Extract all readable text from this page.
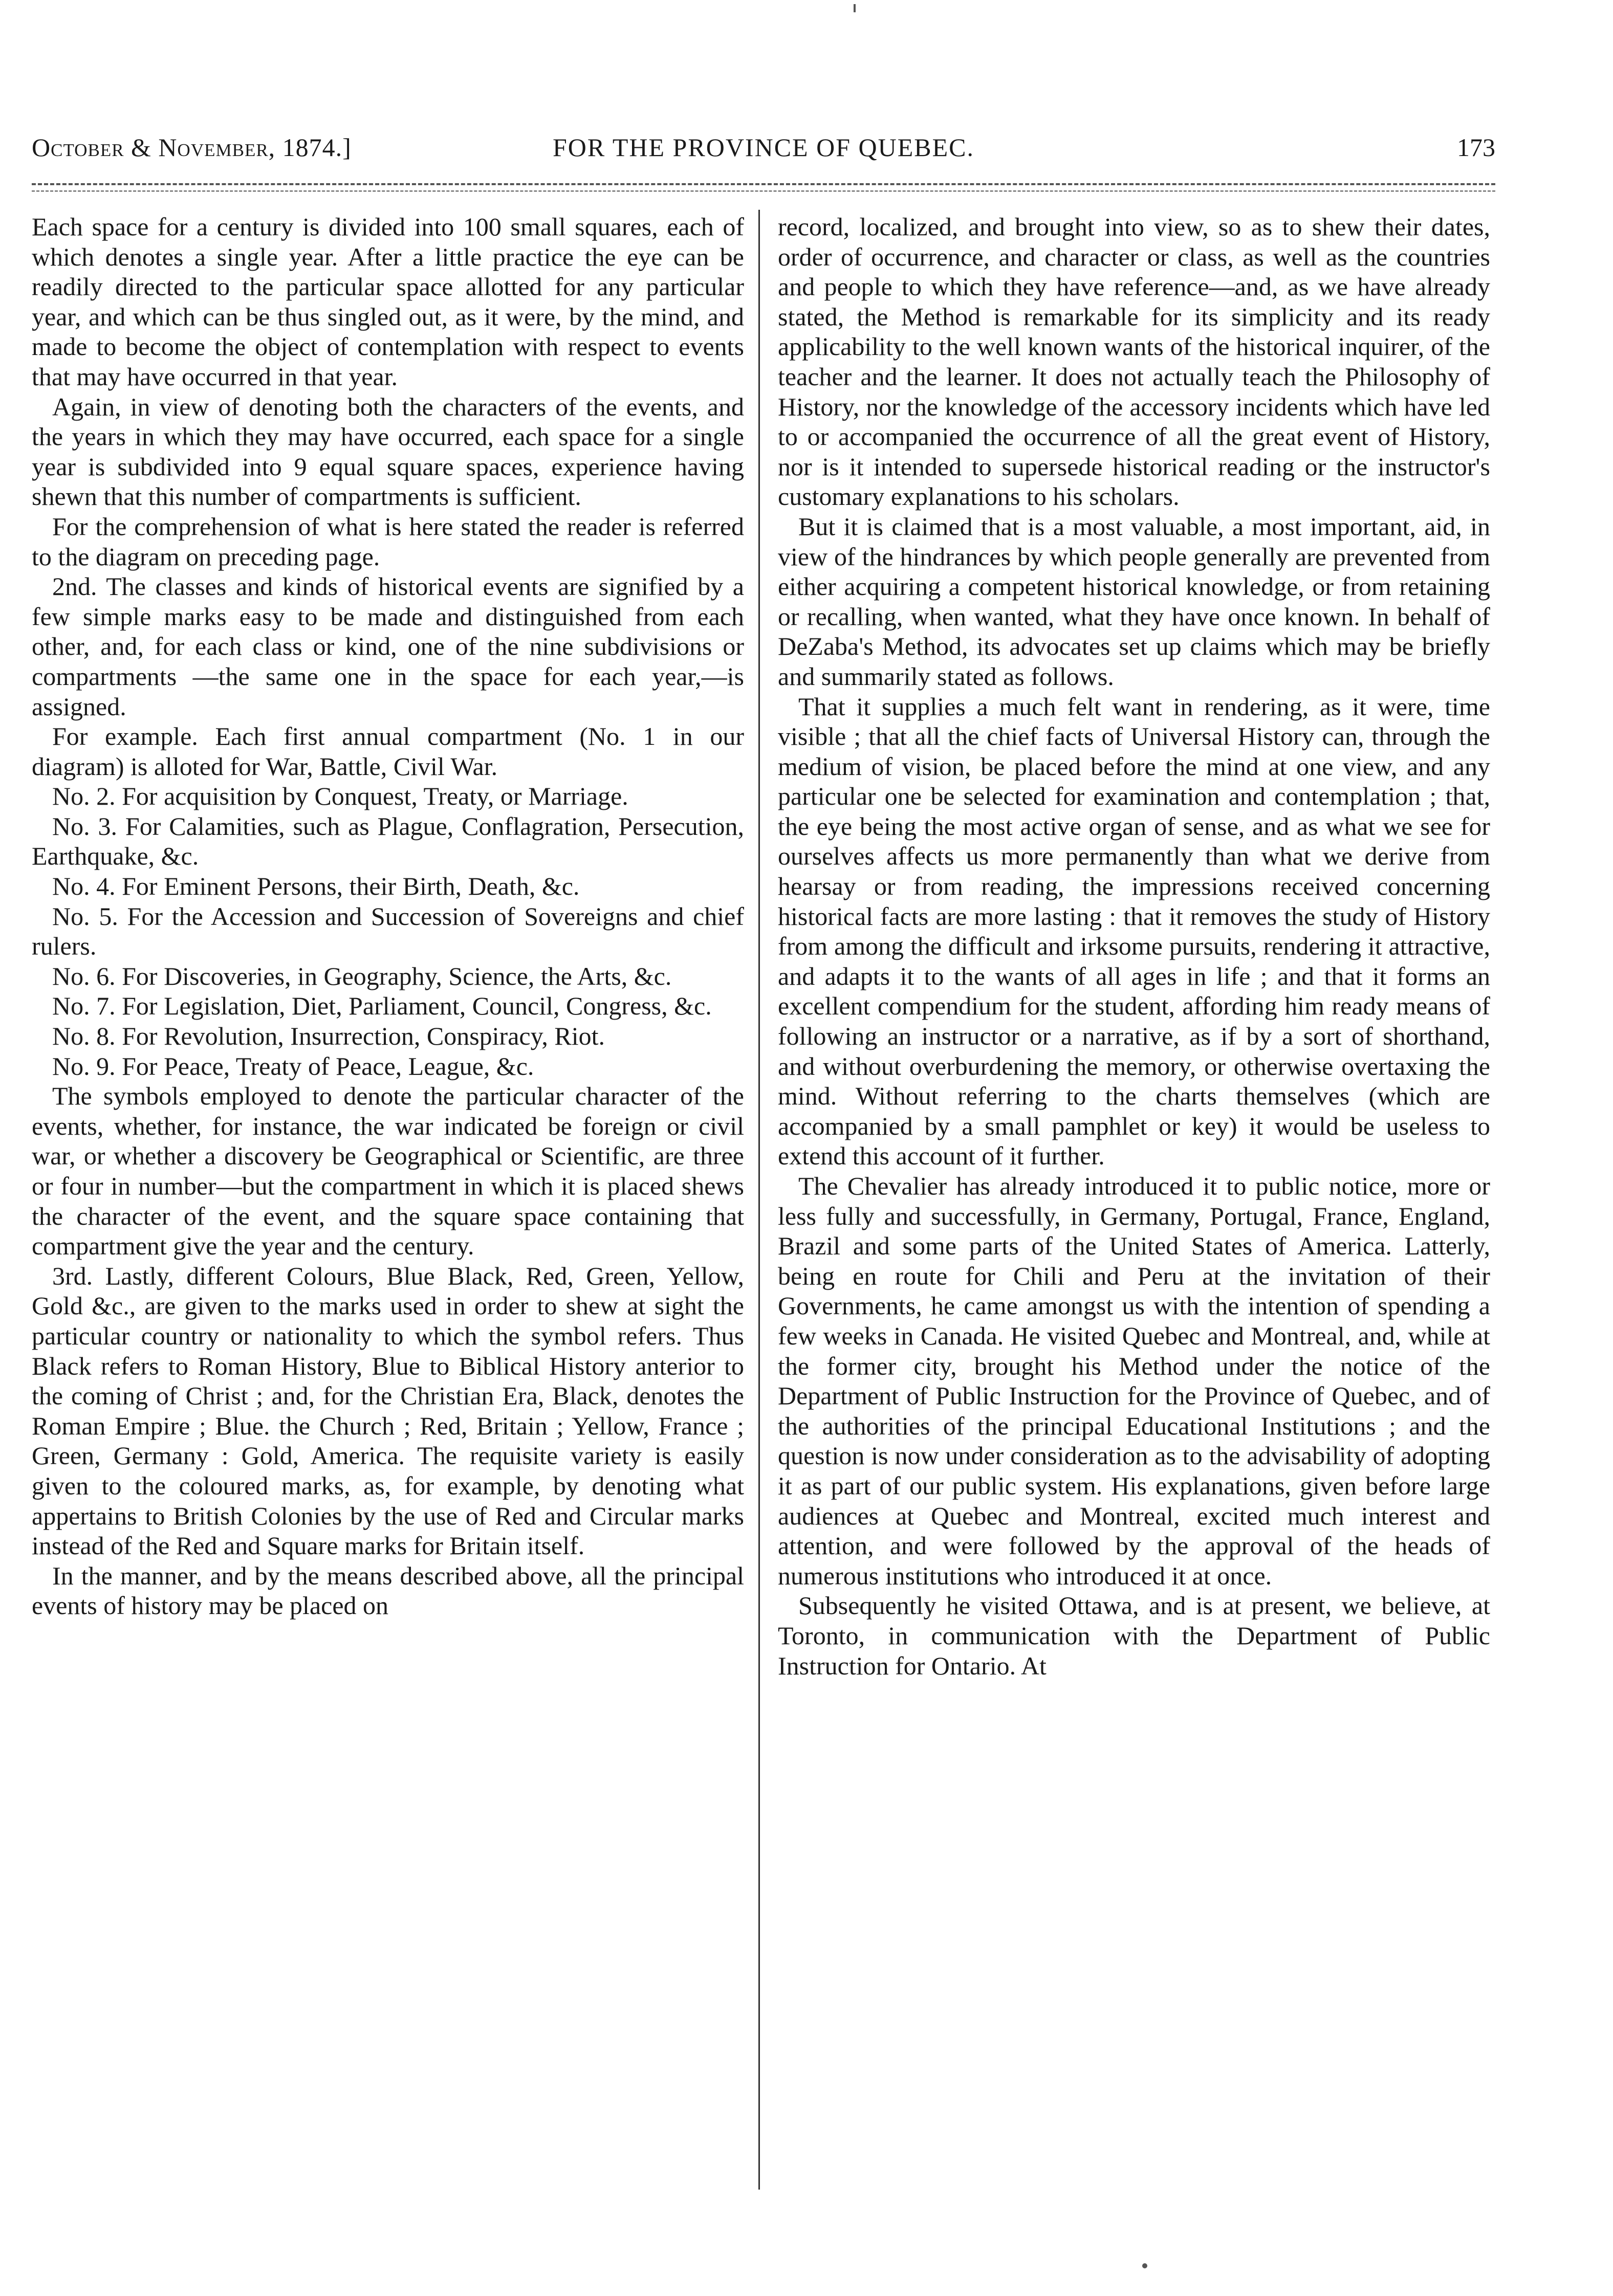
October & November, 1874.]	FOR THE PROVINCE OF QUEBEC.	173

Each space for a century is divided into 100 small squares, each of which denotes a single year. After a little practice the eye can be readily directed to the particular space allotted for any particular year, and which can be thus singled out, as it were, by the mind, and made to become the object of contemplation with respect to events that may have occurred in that year.

Again, in view of denoting both the characters of the events, and the years in which they may have occurred, each space for a single year is subdivided into 9 equal square spaces, experience having shewn that this number of compartments is sufficient.

For the comprehension of what is here stated the reader is referred to the diagram on preceding page.

2nd. The classes and kinds of historical events are signified by a few simple marks easy to be made and distinguished from each other, and, for each class or kind, one of the nine subdivisions or compartments —the same one in the space for each year,—is assigned.

For example. Each first annual compartment (No. 1 in our diagram) is alloted for War, Battle, Civil War.

No. 2. For acquisition by Conquest, Treaty, or Marriage.

No. 3. For Calamities, such as Plague, Conflagration, Persecution, Earthquake, &c.

No. 4. For Eminent Persons, their Birth, Death, &c.

No. 5. For the Accession and Succession of Sovereigns and chief rulers.

No. 6. For Discoveries, in Geography, Science, the Arts, &c.

No. 7. For Legislation, Diet, Parliament, Council, Congress, &c.

No. 8. For Revolution, Insurrection, Conspiracy, Riot.

No. 9. For Peace, Treaty of Peace, League, &c.

The symbols employed to denote the particular character of the events, whether, for instance, the war indicated be foreign or civil war, or whether a discovery be Geographical or Scientific, are three or four in number—but the compartment in which it is placed shews the character of the event, and the square space containing that compartment give the year and the century.

3rd. Lastly, different Colours, Blue Black, Red, Green, Yellow, Gold &c., are given to the marks used in order to shew at sight the particular country or nationality to which the symbol refers. Thus Black refers to Roman History, Blue to Biblical History anterior to the coming of Christ ; and, for the Christian Era, Black, denotes the Roman Empire ; Blue. the Church ; Red, Britain ; Yellow, France ; Green, Germany : Gold, America. The requisite variety is easily given to the coloured marks, as, for example, by denoting what appertains to British Colonies by the use of Red and Circular marks instead of the Red and Square marks for Britain itself.

In the manner, and by the means described above, all the principal events of history may be placed on

record, localized, and brought into view, so as to shew their dates, order of occurrence, and character or class, as well as the countries and people to which they have reference—and, as we have already stated, the Method is remarkable for its simplicity and its ready applicability to the well known wants of the historical inquirer, of the teacher and the learner. It does not actually teach the Philosophy of History, nor the knowledge of the accessory incidents which have led to or accompanied the occurrence of all the great event of History, nor is it intended to supersede historical reading or the instructor's customary explanations to his scholars.

But it is claimed that is a most valuable, a most important, aid, in view of the hindrances by which people generally are prevented from either acquiring a competent historical knowledge, or from retaining or recalling, when wanted, what they have once known. In behalf of DeZaba's Method, its advocates set up claims which may be briefly and summarily stated as follows.

That it supplies a much felt want in rendering, as it were, time visible ; that all the chief facts of Universal History can, through the medium of vision, be placed before the mind at one view, and any particular one be selected for examination and contemplation ; that, the eye being the most active organ of sense, and as what we see for ourselves affects us more permanently than what we derive from hearsay or from reading, the impressions received concerning historical facts are more lasting : that it removes the study of History from among the difficult and irksome pursuits, rendering it attractive, and adapts it to the wants of all ages in life ; and that it forms an excellent compendium for the student, affording him ready means of following an instructor or a narrative, as if by a sort of shorthand, and without overburdening the memory, or otherwise overtaxing the mind. Without referring to the charts themselves (which are accompanied by a small pamphlet or key) it would be useless to extend this account of it further.

The Chevalier has already introduced it to public notice, more or less fully and successfully, in Germany, Portugal, France, England, Brazil and some parts of the United States of America. Latterly, being en route for Chili and Peru at the invitation of their Governments, he came amongst us with the intention of spending a few weeks in Canada. He visited Quebec and Montreal, and, while at the former city, brought his Method under the notice of the Department of Public Instruction for the Province of Quebec, and of the authorities of the principal Educational Institutions ; and the question is now under consideration as to the advisability of adopting it as part of our public system. His explanations, given before large audiences at Quebec and Montreal, excited much interest and attention, and were followed by the approval of the heads of numerous institutions who introduced it at once.

Subsequently he visited Ottawa, and is at present, we believe, at Toronto, in communication with the Department of Public Instruction for Ontario. At
